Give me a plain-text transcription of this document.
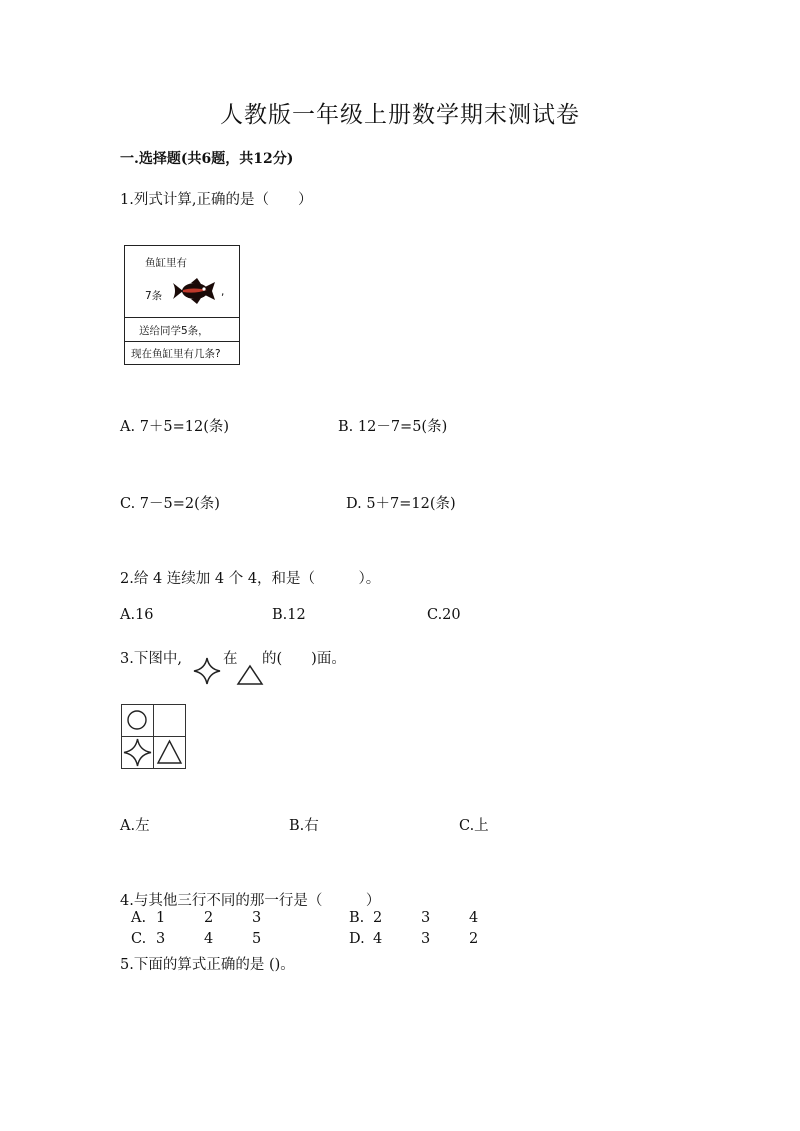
人教版一年级上册数学期末测试卷
一.选择题(共6题，共12分)
1.列式计算,正确的是（　　）
鱼缸里有
7条	,
送给同学5条，
现在鱼缸里有几条?
A. 7＋5=12(条)	B. 12－7=5(条)
C. 7－5=2(条)	D. 5＋7=12(条)
2.给 4 连续加 4 个 4，和是（　　　）。
A.16	B.12	C.20
3.下图中,	在 的(　　)面。
A.左	B.右	C.上
4.与其他三行不同的那一行是（　　　）
A. 1	2	3	B. 2	3	4
C. 3	4	5	D. 4	3	2
5.下面的算式正确的是 ()。
